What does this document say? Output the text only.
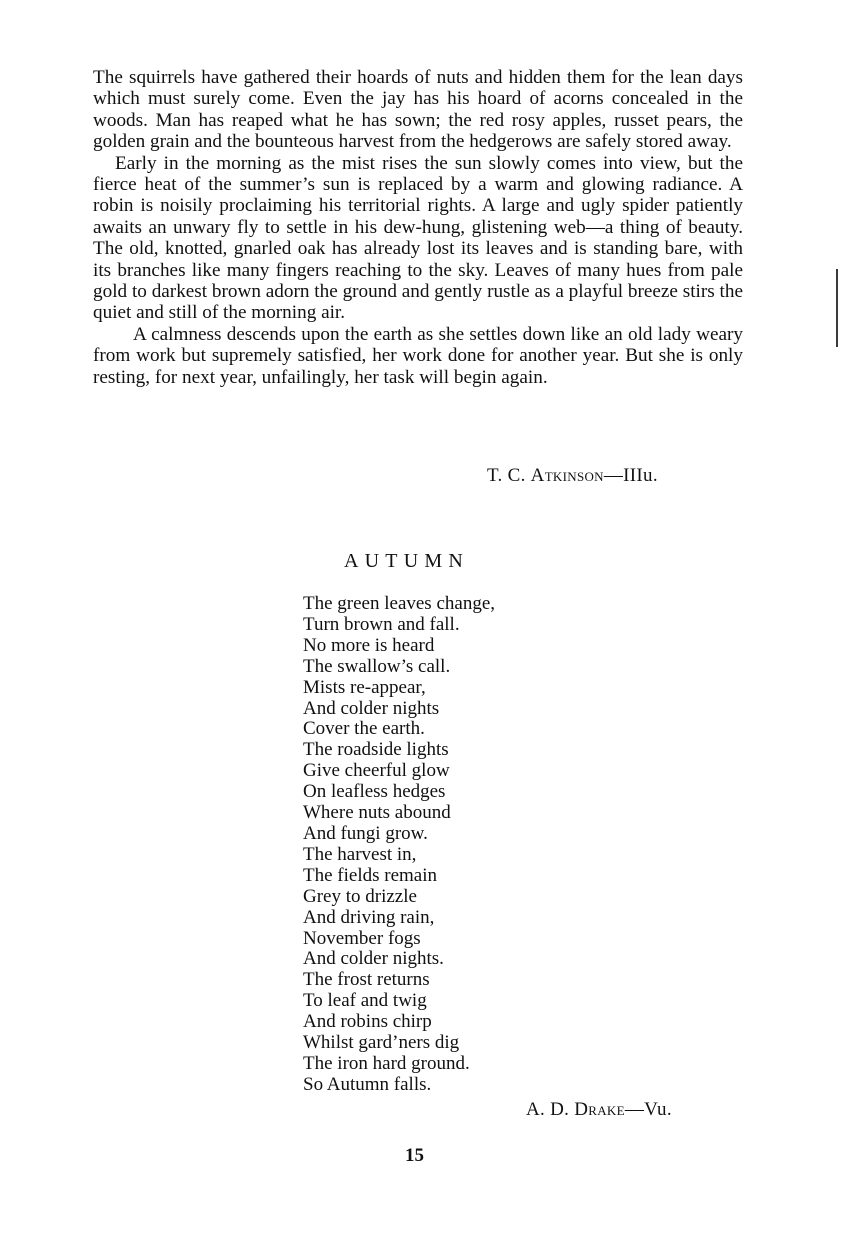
The squirrels have gathered their hoards of nuts and hidden them for the lean days which must surely come. Even the jay has his hoard of acorns concealed in the woods. Man has reaped what he has sown; the red rosy apples, russet pears, the golden grain and the bounteous harvest from the hedgerows are safely stored away.

Early in the morning as the mist rises the sun slowly comes into view, but the fierce heat of the summer’s sun is replaced by a warm and glowing radiance. A robin is noisily proclaiming his territorial rights. A large and ugly spider patiently awaits an unwary fly to settle in his dew-hung, glistening web—a thing of beauty. The old, knotted, gnarled oak has already lost its leaves and is standing bare, with its branches like many fingers reaching to the sky. Leaves of many hues from pale gold to darkest brown adorn the ground and gently rustle as a playful breeze stirs the quiet and still of the morning air.

A calmness descends upon the earth as she settles down like an old lady weary from work but supremely satisfied, her work done for another year. But she is only resting, for next year, unfailingly, her task will begin again.

T. C. Atkinson—IIIu.
AUTUMN
The green leaves change,
Turn brown and fall.
No more is heard
The swallow’s call.
Mists re-appear,
And colder nights
Cover the earth.
The roadside lights
Give cheerful glow
On leafless hedges
Where nuts abound
And fungi grow.
The harvest in,
The fields remain
Grey to drizzle
And driving rain,
November fogs
And colder nights.
The frost returns
To leaf and twig
And robins chirp
Whilst gard’ners dig
The iron hard ground.
So Autumn falls.
A. D. Drake—Vu.
15
